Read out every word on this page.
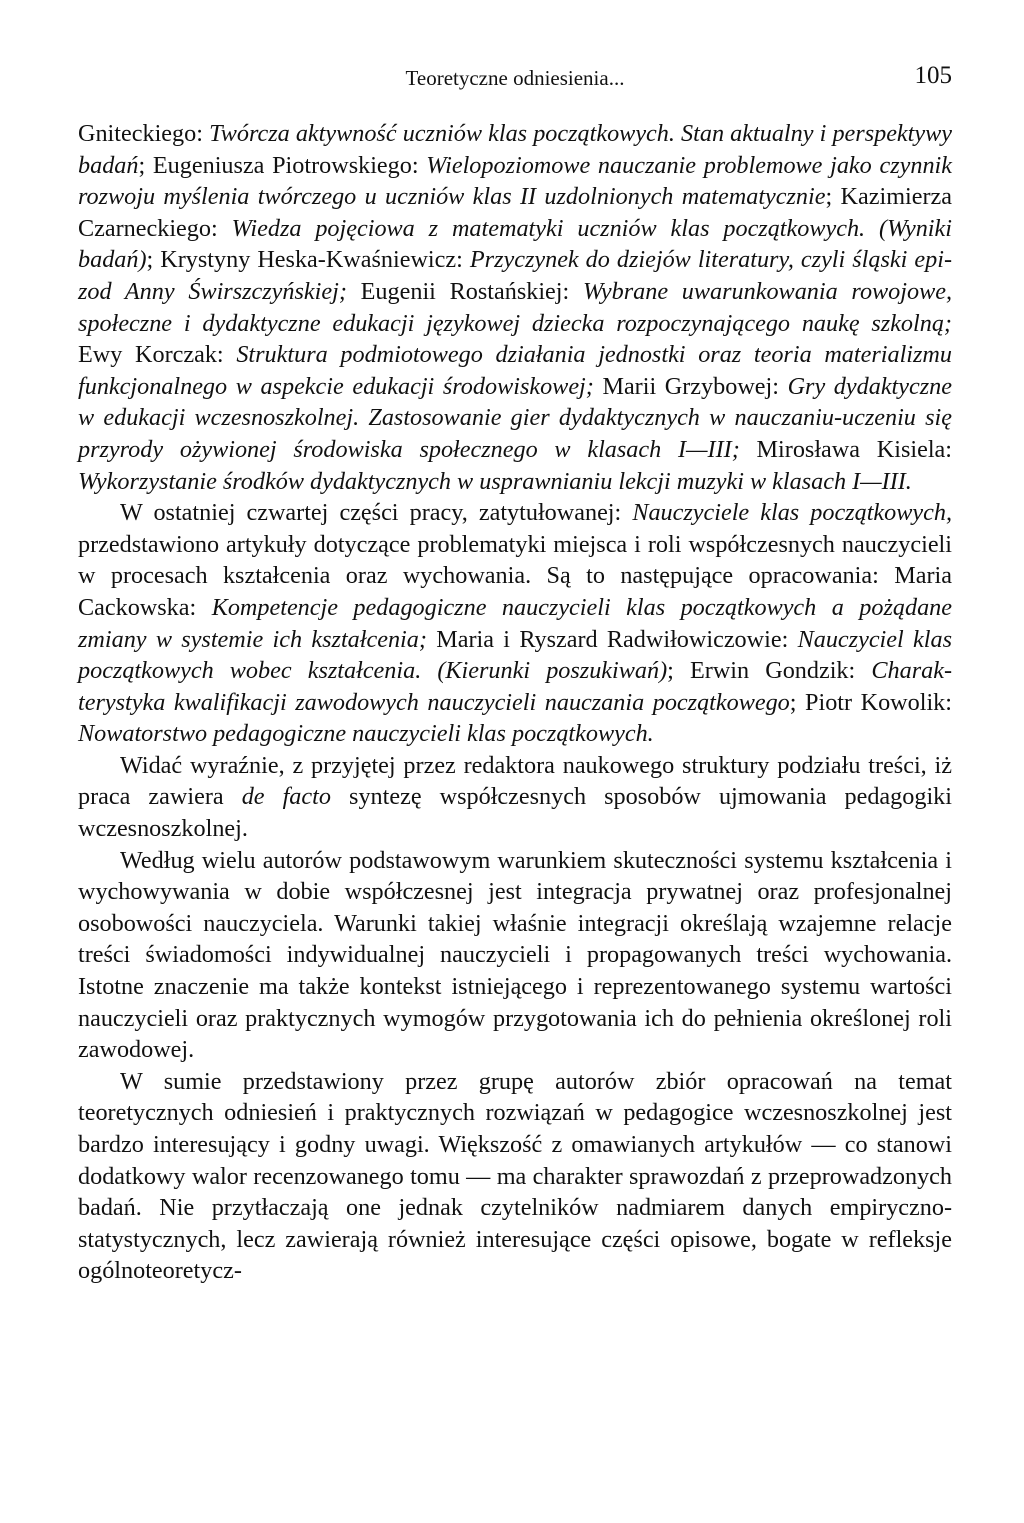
Teoretyczne odniesienia...	105

Gniteckiego: Twórcza aktywność uczniów klas początkowych. Stan aktualny i perspektywy badań; Eugeniusza Piotrowskiego: Wielopoziomowe nauczanie problemowe jako czynnik rozwoju myślenia twórczego u uczniów klas II uzdolnionych matematycznie; Kazimierza Czarneckiego: Wiedza pojęciowa z matematyki uczniów klas początkowych. (Wyniki badań); Krystyny Heska-Kwaśniewicz: Przyczynek do dziejów literatury, czyli śląski epizod Anny Świrszczyńskiej; Eugenii Rostańskiej: Wybrane uwarunkowania rowojowe, społeczne i dydaktyczne edukacji językowej dziecka rozpoczynającego naukę szkolną; Ewy Korczak: Struktura podmiotowego działania jednostki oraz teoria materializmu funkcjonalnego w aspekcie edukacji środowiskowej; Marii Grzybowej: Gry dydaktyczne w edukacji wczesnoszkolnej. Zastosowanie gier dydaktycznych w nauczaniu-uczeniu się przyrody ożywionej środowiska społecznego w klasach I—III; Mirosława Kisiela: Wykorzystanie środków dydaktycznych w usprawnianiu lekcji muzyki w klasach I—III.

W ostatniej czwartej części pracy, zatytułowanej: Nauczyciele klas początkowych, przedstawiono artykuły dotyczące problematyki miejsca i roli współczesnych nauczycieli w procesach kształcenia oraz wychowania. Są to następujące opracowania: Maria Cackowska: Kompetencje pedagogiczne nauczycieli klas początkowych a pożądane zmiany w systemie ich kształcenia; Maria i Ryszard Radwiłowiczowie: Nauczyciel klas początkowych wobec kształcenia. (Kierunki poszukiwań); Erwin Gondzik: Charakterystyka kwalifikacji zawodowych nauczycieli nauczania początkowego; Piotr Kowolik: Nowatorstwo pedagogiczne nauczycieli klas początkowych.

Widać wyraźnie, z przyjętej przez redaktora naukowego struktury podziału treści, iż praca zawiera de facto syntezę współczesnych sposobów ujmowania pedagogiki wczesnoszkolnej.

Według wielu autorów podstawowym warunkiem skuteczności systemu kształcenia i wychowywania w dobie współczesnej jest integracja prywatnej oraz profesjonalnej osobowości nauczyciela. Warunki takiej właśnie integracji określają wzajemne relacje treści świadomości indywidualnej nauczycieli i propagowanych treści wychowania. Istotne znaczenie ma także kontekst istniejącego i reprezentowanego systemu wartości nauczycieli oraz praktycznych wymogów przygotowania ich do pełnienia określonej roli zawodowej.

W sumie przedstawiony przez grupę autorów zbiór opracowań na temat teoretycznych odniesień i praktycznych rozwiązań w pedagogice wczesnoszkolnej jest bardzo interesujący i godny uwagi. Większość z omawianych artykułów — co stanowi dodatkowy walor recenzowanego tomu — ma charakter sprawozdań z przeprowadzonych badań. Nie przytłaczają one jednak czytelników nadmiarem danych empiryczno-statystycznych, lecz zawierają również interesujące części opisowe, bogate w refleksje ogólnoteoretycz-
